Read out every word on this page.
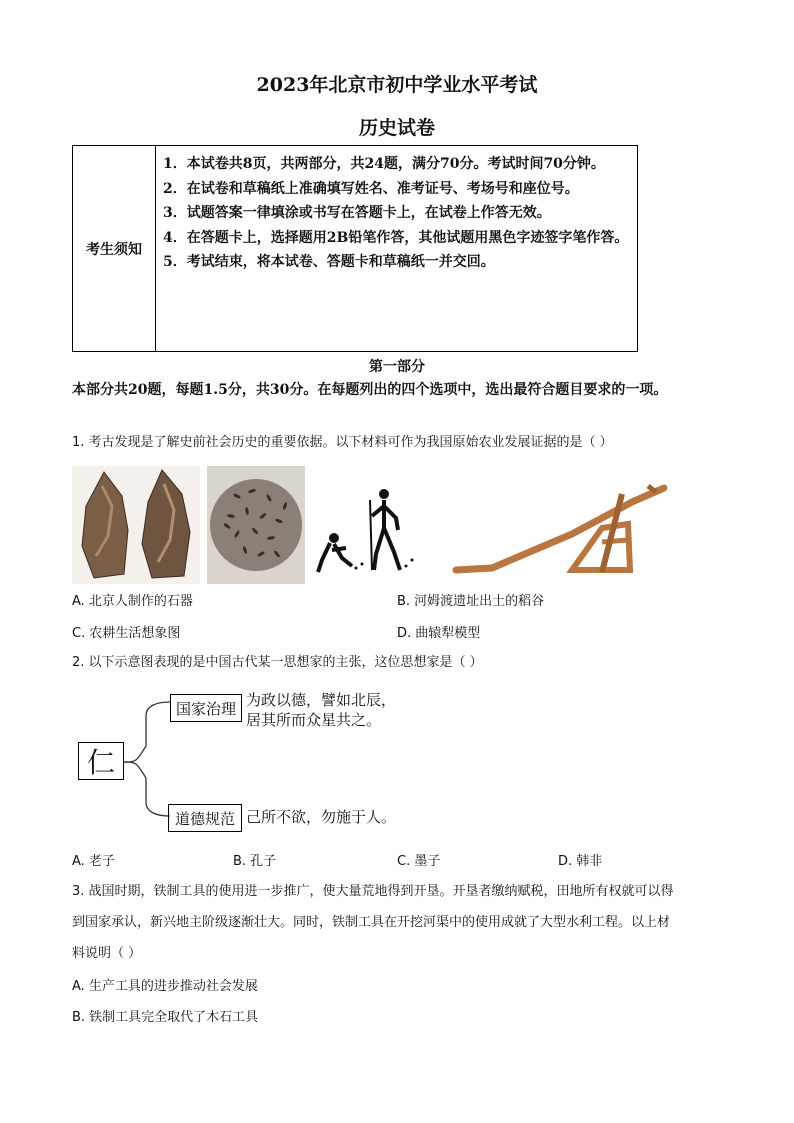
2023年北京市初中学业水平考试
历史试卷
考生须知
1．本试卷共8页，共两部分，共24题，满分70分。考试时间70分钟。
2．在试卷和草稿纸上准确填写姓名、准考证号、考场号和座位号。
3．试题答案一律填涂或书写在答题卡上，在试卷上作答无效。
4．在答题卡上，选择题用2B铅笔作答，其他试题用黑色字迹签字笔作答。
5．考试结束，将本试卷、答题卡和草稿纸一并交回。
第一部分
本部分共20题，每题1.5分，共30分。在每题列出的四个选项中，选出最符合题目要求的一项。
1. 考古发现是了解史前社会历史的重要依据。以下材料可作为我国原始农业发展证据的是（ ）
A. 北京人制作的石器	B. 河姆渡遗址出土的稻谷
C. 农耕生活想象图	D. 曲辕犁模型
2. 以下示意图表现的是中国古代某一思想家的主张，这位思想家是（ ）
仁
国家治理 为政以德，譬如北辰，
居其所而众星共之。
道德规范 己所不欲，勿施于人。
A. 老子	B. 孔子	C. 墨子	D. 韩非
3. 战国时期，铁制工具的使用进一步推广，使大量荒地得到开垦。开垦者缴纳赋税，田地所有权就可以得
到国家承认，新兴地主阶级逐渐壮大。同时，铁制工具在开挖河渠中的使用成就了大型水利工程。以上材
料说明（ ）
A. 生产工具的进步推动社会发展
B. 铁制工具完全取代了木石工具
